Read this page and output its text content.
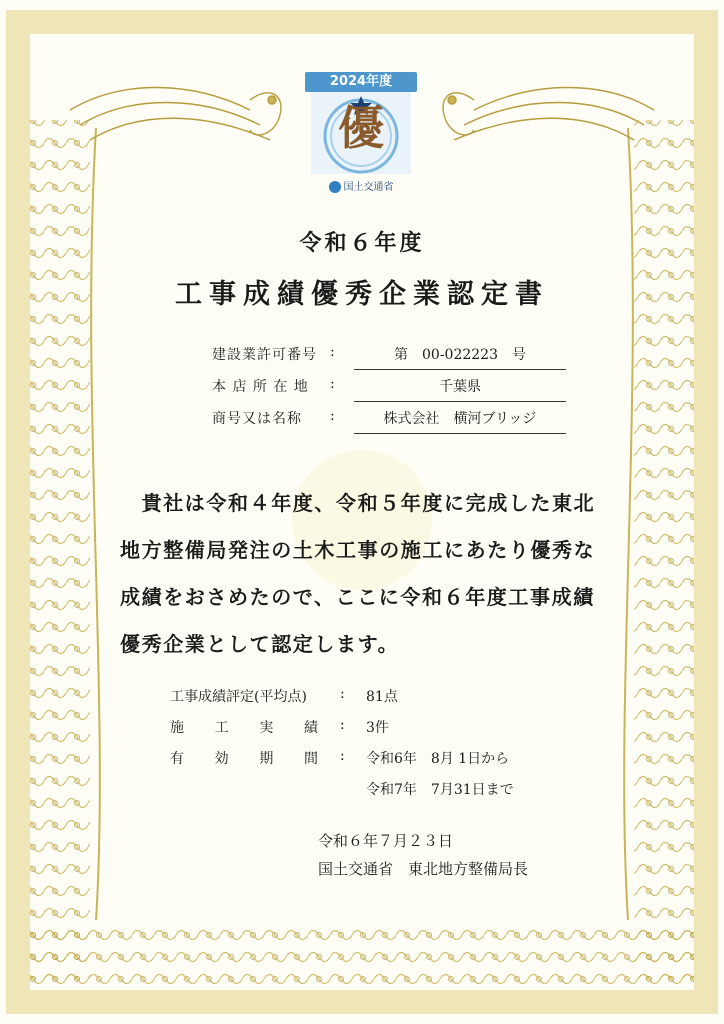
2024年度
優
国土交通省
令和６年度
工事成績優秀企業認定書
建設業許可番号 :	第　00-022223　号
本 店 所 在 地	:	千葉県
商号又は名称	:	株式会社　横河ブリッジ
　貴社は令和４年度、令和５年度に完成した東北
地方整備局発注の土木工事の施工にあたり優秀な
成績をおさめたので、ここに令和６年度工事成績
優秀企業として認定します。
工事成績評定(平均点)	: 81点
施 工 実 績 : 3件
有 効 期 間 : 令和6年　8月 1日から
令和7年　7月31日まで
令和６年７月２３日
国土交通省　東北地方整備局長
